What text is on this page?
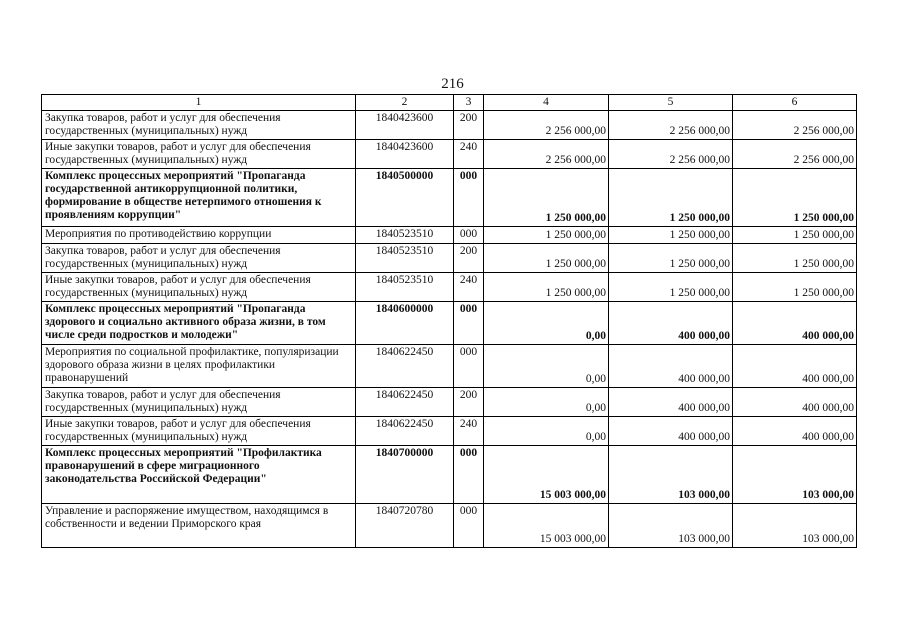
216
1	2	3	4	5	6
Закупка товаров, работ и услуг для обеспечения государственных (муниципальных) нужд	1840423600	200	2 256 000,00	2 256 000,00	2 256 000,00
Иные закупки товаров, работ и услуг для обеспечения государственных (муниципальных) нужд	1840423600	240	2 256 000,00	2 256 000,00	2 256 000,00
Комплекс процессных мероприятий "Пропаганда государственной антикоррупционной политики, формирование в обществе нетерпимого отношения к проявлениям коррупции"	1840500000	000	1 250 000,00	1 250 000,00	1 250 000,00
Мероприятия по противодействию коррупции	1840523510	000	1 250 000,00	1 250 000,00	1 250 000,00
Закупка товаров, работ и услуг для обеспечения государственных (муниципальных) нужд	1840523510	200	1 250 000,00	1 250 000,00	1 250 000,00
Иные закупки товаров, работ и услуг для обеспечения государственных (муниципальных) нужд	1840523510	240	1 250 000,00	1 250 000,00	1 250 000,00
Комплекс процессных мероприятий "Пропаганда здорового и социально активного образа жизни, в том числе среди подростков и молодежи"	1840600000	000	0,00	400 000,00	400 000,00
Мероприятия по социальной профилактике, популяризации здорового образа жизни в целях профилактики правонарушений	1840622450	000	0,00	400 000,00	400 000,00
Закупка товаров, работ и услуг для обеспечения государственных (муниципальных) нужд	1840622450	200	0,00	400 000,00	400 000,00
Иные закупки товаров, работ и услуг для обеспечения государственных (муниципальных) нужд	1840622450	240	0,00	400 000,00	400 000,00
Комплекс процессных мероприятий "Профилактика правонарушений в сфере миграционного законодательства Российской Федерации"	1840700000	000	15 003 000,00	103 000,00	103 000,00
Управление и распоряжение имуществом, находящимся в собственности и ведении Приморского края	1840720780	000	15 003 000,00	103 000,00	103 000,00
